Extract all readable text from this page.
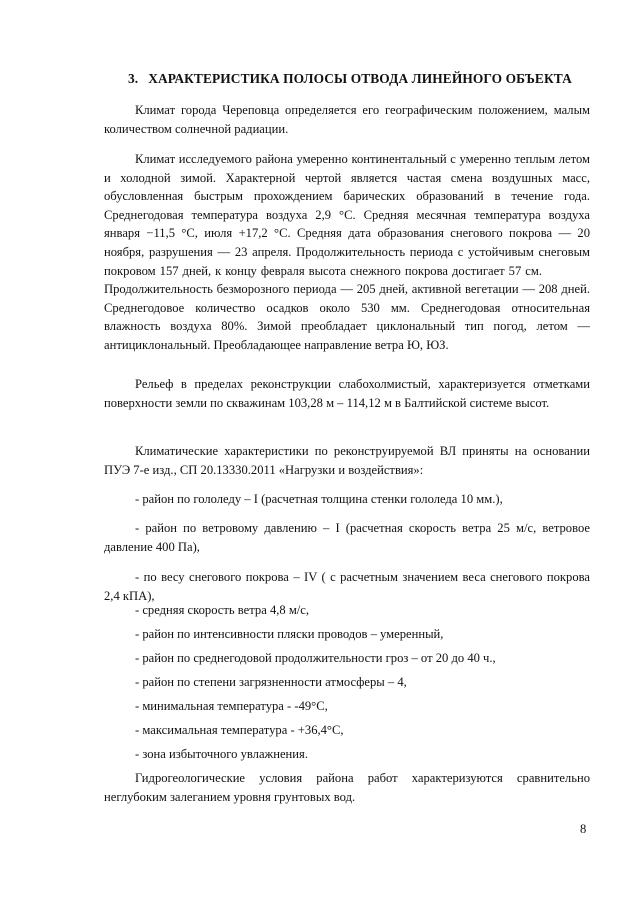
3. ХАРАКТЕРИСТИКА ПОЛОСЫ ОТВОДА ЛИНЕЙНОГО ОБЪЕКТА

Климат города Череповца определяется его географическим положением, малым количеством солнечной радиации.

Климат исследуемого района умеренно континентальный с умеренно теплым летом и холодной зимой. Характерной чертой является частая смена воздушных масс, обусловленная быстрым прохождением барических образований в течение года. Среднегодовая температура воздуха 2,9 °С. Средняя месячная температура воздуха января −11,5 °С, июля +17,2 °С. Средняя дата образования снегового покрова — 20 ноября, разрушения — 23 апреля. Продолжительность периода с устойчивым снеговым покровом 157 дней, к концу февраля высота снежного покрова достигает 57 см.Продолжительность безморозного периода — 205 дней, активной вегетации — 208 дней. Среднегодовое количество осадков около 530 мм. Среднегодовая относительная влажность воздуха 80%. Зимой преобладает циклональный тип погод, летом — антициклональный. Преобладающее направление ветра Ю, ЮЗ.

Рельеф в пределах реконструкции слабохолмистый, характеризуется отметками поверхности земли по скважинам 103,28 м – 114,12 м в Балтийской системе высот.

Климатические характеристики по реконструируемой ВЛ приняты на основании ПУЭ 7-е изд., СП 20.13330.2011 «Нагрузки и воздействия»:

- район по гололеду – I (расчетная толщина стенки гололеда 10 мм.),

- район по ветровому давлению – I (расчетная скорость ветра 25 м/с, ветровое давление 400 Па),

- по весу снегового покрова – IV ( с расчетным значением веса снегового покрова 2,4 кПА),

- средняя скорость ветра 4,8 м/с,

- район по интенсивности пляски проводов – умеренный,

- район по среднегодовой продолжительности гроз – от 20 до 40 ч.,

- район по степени загрязненности атмосферы – 4,

- минимальная температура - -49°С,

- максимальная температура - +36,4°С,

- зона избыточного увлажнения.

Гидрогеологические условия района работ характеризуются сравнительно неглубоким залеганием уровня грунтовых вод.

8
